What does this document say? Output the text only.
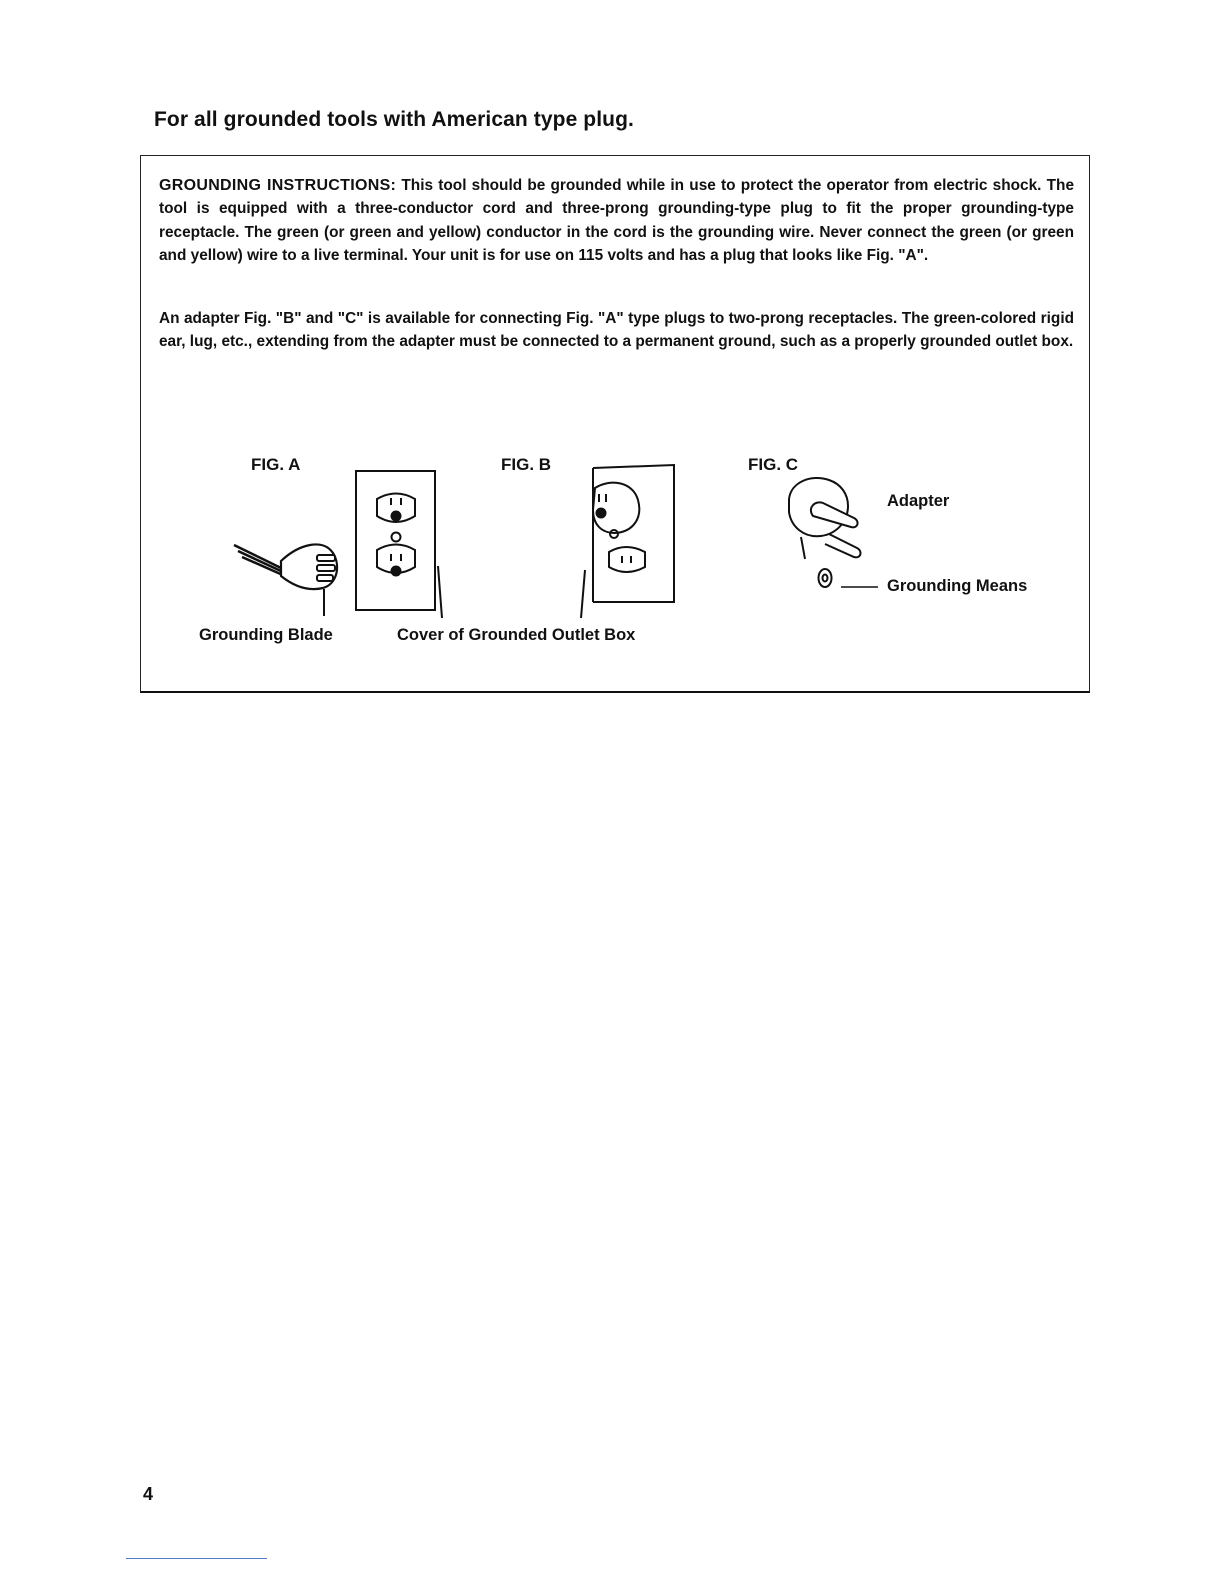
For all grounded tools with American type plug.

GROUNDING INSTRUCTIONS: This tool should be grounded while in use to protect the operator from electric shock. The tool is equipped with a three-conductor cord and three-prong grounding-type plug to fit the proper grounding-type receptacle. The green (or green and yellow) conductor in the cord is the grounding wire. Never connect the green (or green and yellow) wire to a live terminal. Your unit is for use on 115 volts and has a plug that looks like Fig. "A".

An adapter Fig. "B" and "C" is available for connecting Fig. "A" type plugs to two-prong receptacles. The green-colored rigid ear, lug, etc., extending from the adapter must be connected to a permanent ground, such as a properly grounded outlet box.

FIG. A	FIG. B	FIG. C
Grounding Blade	Cover of Grounded Outlet Box
Adapter
Grounding Means
4
